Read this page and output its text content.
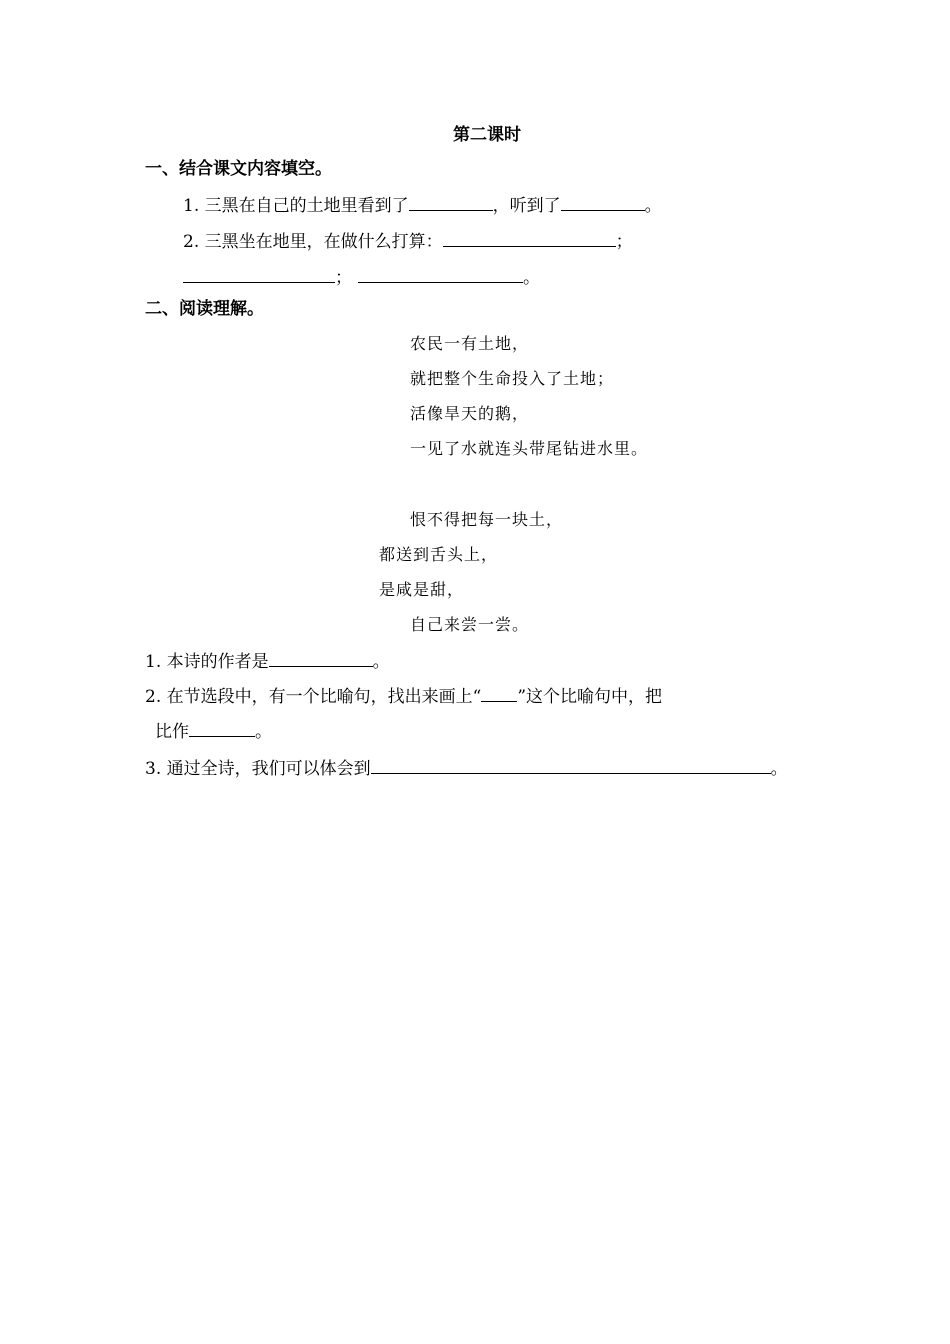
第二课时
一、结合课文内容填空。
1. 三黑在自己的土地里看到了	，听到了	。
2. 三黑坐在地里，在做什么打算：	；
；	。
二、阅读理解。
农民一有土地，
就把整个生命投入了土地；
活像旱天的鹅，
一见了水就连头带尾钻进水里。
恨不得把每一块土，
都送到舌头上，
是咸是甜，
自己来尝一尝。
1. 本诗的作者是	。
2. 在节选段中，有一个比喻句，找出来画上“ ”这个比喻句中，把
比作	。
3. 通过全诗，我们可以体会到	。
